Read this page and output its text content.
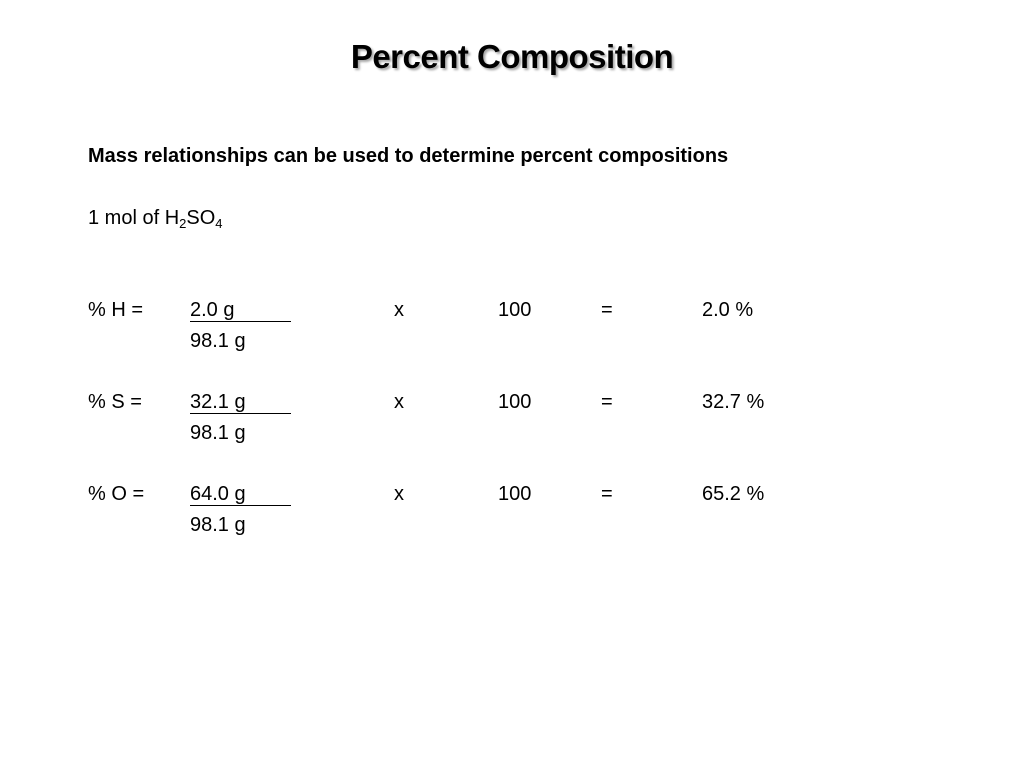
Percent Composition
Mass relationships can be used to determine percent compositions
1 mol of $H_2SO_4$
% H = 2.0 g
98.1 g
x	100	=	2.0 %
% S = 32.1 g
98.1 g
x	100	=	32.7 %
% O = 64.0 g
98.1 g
x	100	=	65.2 %
